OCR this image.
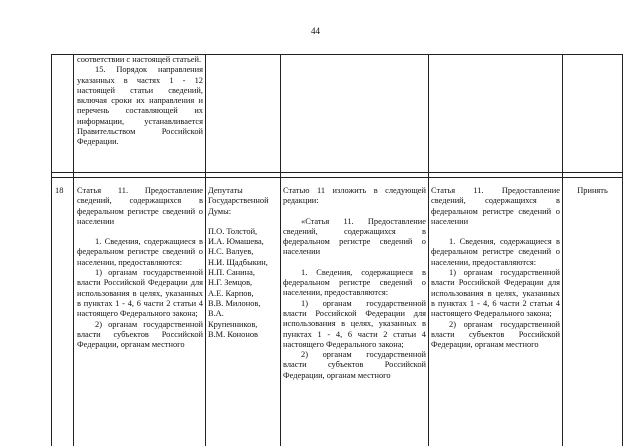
44

соответствии с настоящей статьей.

15. Порядок направления указанных в частях 1 - 12 настоящей статьи сведений, включая сроки их направления и перечень составляющей их информации, устанавливается Правительством Российской Федерации.

18	Статья 11. Предоставление сведений, содержащихся в федеральном регистре сведений о населении

1. Сведения, содержащиеся в федеральном регистре сведений о населении, предоставляются:

1) органам государственной власти Российской Федерации для использования в целях, указанных в пунктах 1 - 4, 6 части 2 статьи 4 настоящего Федерального закона;

2) органам государственной власти субъектов Российской Федерации, органам местного

Депутаты Государственной Думы:

П.О. Толстой,

И.А. Юмашева,

Н.С. Валуев,

Н.И. Щадбыкин,

Н.П. Санина,

Н.Г. Земцов,

А.Е. Карпов,

В.В. Милонов,

В.А.

Крупенников,

В.М. Кононов

Статью 11 изложить в следующей редакции:

«Статья 11. Предоставление сведений, содержащихся в федеральном регистре сведений о населении

1. Сведения, содержащиеся в федеральном регистре сведений о населении, предоставляются:

1) органам государственной власти Российской Федерации для использования в целях, указанных в пунктах 1 - 4, 6 части 2 статьи 4 настоящего Федерального закона;

2) органам государственной власти субъектов Российской Федерации, органам местного

Статья 11. Предоставление сведений, содержащихся в федеральном регистре сведений о населении

1. Сведения, содержащиеся в федеральном регистре сведений о населении, предоставляются:

1) органам государственной власти Российской Федерации для использования в целях, указанных в пунктах 1 - 4, 6 части 2 статьи 4 настоящего Федерального закона;

2) органам государственной власти субъектов Российской Федерации, органам местного

Принять
